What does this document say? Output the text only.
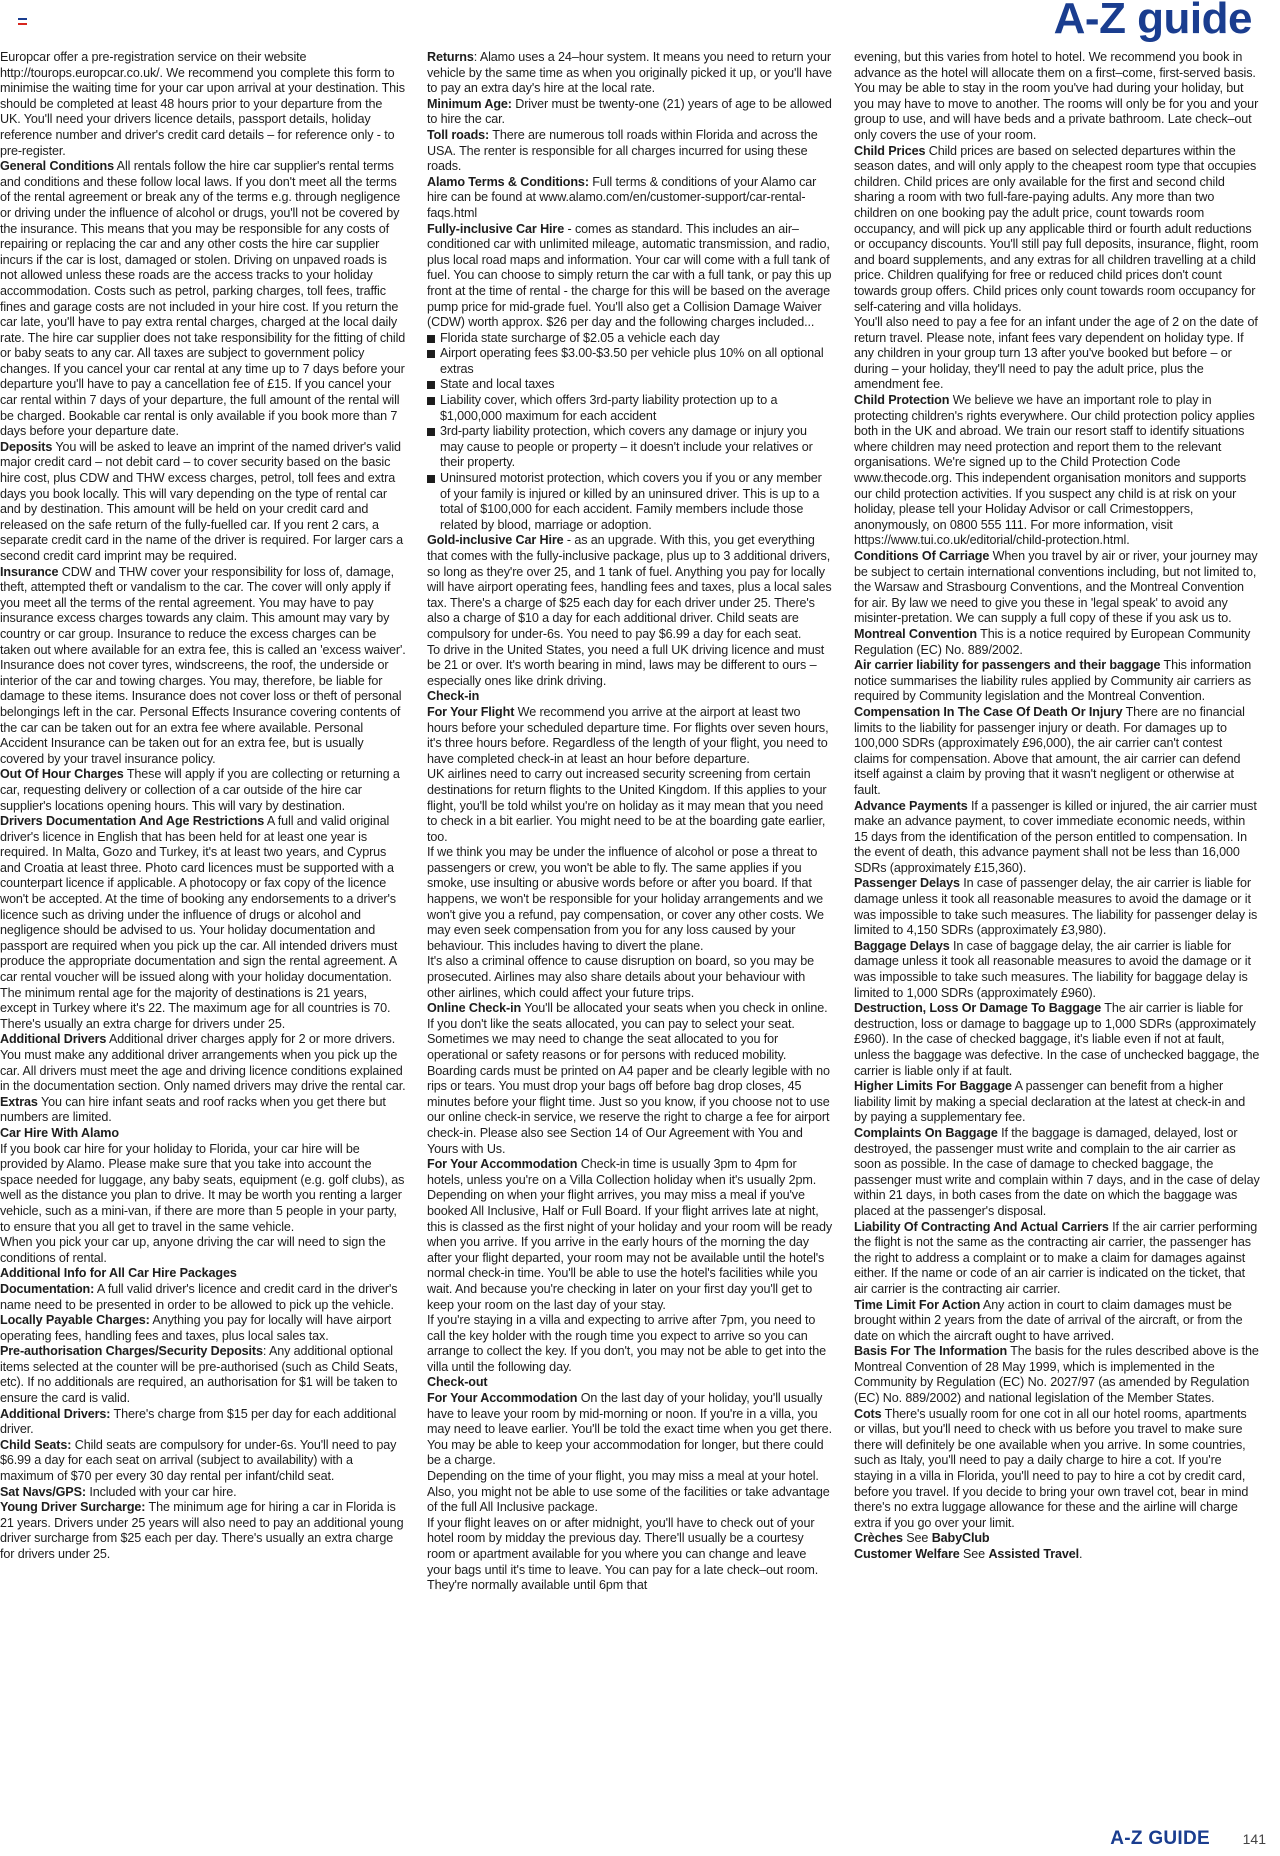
A-Z guide

Europcar offer a pre-registration service on their website http://tourops.europcar.co.uk/. We recommend you complete this form to minimise the waiting time for your car upon arrival at your destination. This should be completed at least 48 hours prior to your departure from the UK. You'll need your drivers licence details, passport details, holiday reference number and driver's credit card details – for reference only - to pre-register.

General Conditions All rentals follow the hire car supplier's rental terms and conditions and these follow local laws. If you don't meet all the terms of the rental agreement or break any of the terms e.g. through negligence or driving under the influence of alcohol or drugs, you'll not be covered by the insurance. This means that you may be responsible for any costs of repairing or replacing the car and any other costs the hire car supplier incurs if the car is lost, damaged or stolen. Driving on unpaved roads is not allowed unless these roads are the access tracks to your holiday accommodation. Costs such as petrol, parking charges, toll fees, traffic fines and garage costs are not included in your hire cost. If you return the car late, you'll have to pay extra rental charges, charged at the local daily rate. The hire car supplier does not take responsibility for the fitting of child or baby seats to any car. All taxes are subject to government policy changes. If you cancel your car rental at any time up to 7 days before your departure you'll have to pay a cancellation fee of £15. If you cancel your car rental within 7 days of your departure, the full amount of the rental will be charged. Bookable car rental is only available if you book more than 7 days before your departure date.

Deposits You will be asked to leave an imprint of the named driver's valid major credit card – not debit card – to cover security based on the basic hire cost, plus CDW and THW excess charges, petrol, toll fees and extra days you book locally. This will vary depending on the type of rental car and by destination. This amount will be held on your credit card and released on the safe return of the fully-fuelled car. If you rent 2 cars, a separate credit card in the name of the driver is required. For larger cars a second credit card imprint may be required.

Insurance CDW and THW cover your responsibility for loss of, damage, theft, attempted theft or vandalism to the car. The cover will only apply if you meet all the terms of the rental agreement. You may have to pay insurance excess charges towards any claim. This amount may vary by country or car group. Insurance to reduce the excess charges can be taken out where available for an extra fee, this is called an 'excess waiver'. Insurance does not cover tyres, windscreens, the roof, the underside or interior of the car and towing charges. You may, therefore, be liable for damage to these items. Insurance does not cover loss or theft of personal belongings left in the car. Personal Effects Insurance covering contents of the car can be taken out for an extra fee where available. Personal Accident Insurance can be taken out for an extra fee, but is usually covered by your travel insurance policy.

Out Of Hour Charges These will apply if you are collecting or returning a car, requesting delivery or collection of a car outside of the hire car supplier's locations opening hours. This will vary by destination.

Drivers Documentation And Age Restrictions A full and valid original driver's licence in English that has been held for at least one year is required. In Malta, Gozo and Turkey, it's at least two years, and Cyprus and Croatia at least three. Photo card licences must be supported with a counterpart licence if applicable. A photocopy or fax copy of the licence won't be accepted. At the time of booking any endorsements to a driver's licence such as driving under the influence of drugs or alcohol and negligence should be advised to us. Your holiday documentation and passport are required when you pick up the car. All intended drivers must produce the appropriate documentation and sign the rental agreement. A car rental voucher will be issued along with your holiday documentation. The minimum rental age for the majority of destinations is 21 years, except in Turkey where it's 22. The maximum age for all countries is 70. There's usually an extra charge for drivers under 25.

Additional Drivers Additional driver charges apply for 2 or more drivers. You must make any additional driver arrangements when you pick up the car. All drivers must meet the age and driving licence conditions explained in the documentation section. Only named drivers may drive the rental car.

Extras You can hire infant seats and roof racks when you get there but numbers are limited.

Car Hire With Alamo

If you book car hire for your holiday to Florida, your car hire will be provided by Alamo. Please make sure that you take into account the space needed for luggage, any baby seats, equipment (e.g. golf clubs), as well as the distance you plan to drive. It may be worth you renting a larger vehicle, such as a mini-van, if there are more than 5 people in your party, to ensure that you all get to travel in the same vehicle.

When you pick your car up, anyone driving the car will need to sign the conditions of rental.

Additional Info for All Car Hire Packages

Documentation: A full valid driver's licence and credit card in the driver's name need to be presented in order to be allowed to pick up the vehicle.

Locally Payable Charges: Anything you pay for locally will have airport operating fees, handling fees and taxes, plus local sales tax.

Pre-authorisation Charges/Security Deposits: Any additional optional items selected at the counter will be pre-authorised (such as Child Seats, etc). If no additionals are required, an authorisation for $1 will be taken to ensure the card is valid.

Additional Drivers: There's charge from $15 per day for each additional driver.

Child Seats: Child seats are compulsory for under-6s. You'll need to pay $6.99 a day for each seat on arrival (subject to availability) with a maximum of $70 per every 30 day rental per infant/child seat.

Sat Navs/GPS: Included with your car hire.

Young Driver Surcharge: The minimum age for hiring a car in Florida is 21 years. Drivers under 25 years will also need to pay an additional young driver surcharge from $25 each per day. There's usually an extra charge for drivers under 25.

Returns: Alamo uses a 24–hour system. It means you need to return your vehicle by the same time as when you originally picked it up, or you'll have to pay an extra day's hire at the local rate.

Minimum Age: Driver must be twenty-one (21) years of age to be allowed to hire the car.

Toll roads: There are numerous toll roads within Florida and across the USA. The renter is responsible for all charges incurred for using these roads.

Alamo Terms & Conditions: Full terms & conditions of your Alamo car hire can be found at www.alamo.com/en/customer-support/car-rental-faqs.html

Fully-inclusive Car Hire - comes as standard. This includes an air–conditioned car with unlimited mileage, automatic transmission, and radio, plus local road maps and information. Your car will come with a full tank of fuel. You can choose to simply return the car with a full tank, or pay this up front at the time of rental - the charge for this will be based on the average pump price for mid-grade fuel. You'll also get a Collision Damage Waiver (CDW) worth approx. $26 per day and the following charges included...

Florida state surcharge of $2.05 a vehicle each day
Airport operating fees $3.00-$3.50 per vehicle plus 10% on all optional extras
State and local taxes
Liability cover, which offers 3rd-party liability protection up to a $1,000,000 maximum for each accident
3rd-party liability protection, which covers any damage or injury you may cause to people or property – it doesn't include your relatives or their property.
Uninsured motorist protection, which covers you if you or any member of your family is injured or killed by an uninsured driver. This is up to a total of $100,000 for each accident. Family members include those related by blood, marriage or adoption.

Gold-inclusive Car Hire - as an upgrade. With this, you get everything that comes with the fully-inclusive package, plus up to 3 additional drivers, so long as they're over 25, and 1 tank of fuel. Anything you pay for locally will have airport operating fees, handling fees and taxes, plus a local sales tax. There's a charge of $25 each day for each driver under 25. There's also a charge of $10 a day for each additional driver. Child seats are compulsory for under-6s. You need to pay $6.99 a day for each seat.

To drive in the United States, you need a full UK driving licence and must be 21 or over. It's worth bearing in mind, laws may be different to ours – especially ones like drink driving.

Check-in

For Your Flight We recommend you arrive at the airport at least two hours before your scheduled departure time. For flights over seven hours, it's three hours before. Regardless of the length of your flight, you need to have completed check-in at least an hour before departure.

UK airlines need to carry out increased security screening from certain destinations for return flights to the United Kingdom. If this applies to your flight, you'll be told whilst you're on holiday as it may mean that you need to check in a bit earlier. You might need to be at the boarding gate earlier, too.

If we think you may be under the influence of alcohol or pose a threat to passengers or crew, you won't be able to fly. The same applies if you smoke, use insulting or abusive words before or after you board. If that happens, we won't be responsible for your holiday arrangements and we won't give you a refund, pay compensation, or cover any other costs. We may even seek compensation from you for any loss caused by your behaviour. This includes having to divert the plane.

It's also a criminal offence to cause disruption on board, so you may be prosecuted. Airlines may also share details about your behaviour with other airlines, which could affect your future trips.

Online Check-in You'll be allocated your seats when you check in online. If you don't like the seats allocated, you can pay to select your seat. Sometimes we may need to change the seat allocated to you for operational or safety reasons or for persons with reduced mobility. Boarding cards must be printed on A4 paper and be clearly legible with no rips or tears. You must drop your bags off before bag drop closes, 45 minutes before your flight time. Just so you know, if you choose not to use our online check-in service, we reserve the right to charge a fee for airport check-in. Please also see Section 14 of Our Agreement with You and Yours with Us.

For Your Accommodation Check-in time is usually 3pm to 4pm for hotels, unless you're on a Villa Collection holiday when it's usually 2pm. Depending on when your flight arrives, you may miss a meal if you've booked All Inclusive, Half or Full Board. If your flight arrives late at night, this is classed as the first night of your holiday and your room will be ready when you arrive. If you arrive in the early hours of the morning the day after your flight departed, your room may not be available until the hotel's normal check-in time. You'll be able to use the hotel's facilities while you wait. And because you're checking in later on your first day you'll get to keep your room on the last day of your stay.

If you're staying in a villa and expecting to arrive after 7pm, you need to call the key holder with the rough time you expect to arrive so you can arrange to collect the key. If you don't, you may not be able to get into the villa until the following day.

Check-out

For Your Accommodation On the last day of your holiday, you'll usually have to leave your room by mid-morning or noon. If you're in a villa, you may need to leave earlier. You'll be told the exact time when you get there. You may be able to keep your accommodation for longer, but there could be a charge.

Depending on the time of your flight, you may miss a meal at your hotel. Also, you might not be able to use some of the facilities or take advantage of the full All Inclusive package.

If your flight leaves on or after midnight, you'll have to check out of your hotel room by midday the previous day. There'll usually be a courtesy room or apartment available for you where you can change and leave your bags until it's time to leave. You can pay for a late check–out room. They're normally available until 6pm that

evening, but this varies from hotel to hotel. We recommend you book in advance as the hotel will allocate them on a first–come, first-served basis. You may be able to stay in the room you've had during your holiday, but you may have to move to another. The rooms will only be for you and your group to use, and will have beds and a private bathroom. Late check–out only covers the use of your room.

Child Prices Child prices are based on selected departures within the season dates, and will only apply to the cheapest room type that occupies children. Child prices are only available for the first and second child sharing a room with two full-fare-paying adults. Any more than two children on one booking pay the adult price, count towards room occupancy, and will pick up any applicable third or fourth adult reductions or occupancy discounts. You'll still pay full deposits, insurance, flight, room and board supplements, and any extras for all children travelling at a child price. Children qualifying for free or reduced child prices don't count towards group offers. Child prices only count towards room occupancy for self-catering and villa holidays.

You'll also need to pay a fee for an infant under the age of 2 on the date of return travel. Please note, infant fees vary dependent on holiday type. If any children in your group turn 13 after you've booked but before – or during – your holiday, they'll need to pay the adult price, plus the amendment fee.

Child Protection We believe we have an important role to play in protecting children's rights everywhere. Our child protection policy applies both in the UK and abroad. We train our resort staff to identify situations where children may need protection and report them to the relevant organisations. We're signed up to the Child Protection Code www.thecode.org. This independent organisation monitors and supports our child protection activities. If you suspect any child is at risk on your holiday, please tell your Holiday Advisor or call Crimestoppers, anonymously, on 0800 555 111. For more information, visit https://www.tui.co.uk/editorial/child-protection.html.

Conditions Of Carriage When you travel by air or river, your journey may be subject to certain international conventions including, but not limited to, the Warsaw and Strasbourg Conventions, and the Montreal Convention for air. By law we need to give you these in 'legal speak' to avoid any misinter-pretation. We can supply a full copy of these if you ask us to.

Montreal Convention This is a notice required by European Community Regulation (EC) No. 889/2002.

Air carrier liability for passengers and their baggage This information notice summarises the liability rules applied by Community air carriers as required by Community legislation and the Montreal Convention.

Compensation In The Case Of Death Or Injury There are no financial limits to the liability for passenger injury or death. For damages up to 100,000 SDRs (approximately £96,000), the air carrier can't contest claims for compensation. Above that amount, the air carrier can defend itself against a claim by proving that it wasn't negligent or otherwise at fault.

Advance Payments If a passenger is killed or injured, the air carrier must make an advance payment, to cover immediate economic needs, within 15 days from the identification of the person entitled to compensation. In the event of death, this advance payment shall not be less than 16,000 SDRs (approximately £15,360).

Passenger Delays In case of passenger delay, the air carrier is liable for damage unless it took all reasonable measures to avoid the damage or it was impossible to take such measures. The liability for passenger delay is limited to 4,150 SDRs (approximately £3,980).

Baggage Delays In case of baggage delay, the air carrier is liable for damage unless it took all reasonable measures to avoid the damage or it was impossible to take such measures. The liability for baggage delay is limited to 1,000 SDRs (approximately £960).

Destruction, Loss Or Damage To Baggage The air carrier is liable for destruction, loss or damage to baggage up to 1,000 SDRs (approximately £960). In the case of checked baggage, it's liable even if not at fault, unless the baggage was defective. In the case of unchecked baggage, the carrier is liable only if at fault.

Higher Limits For Baggage A passenger can benefit from a higher liability limit by making a special declaration at the latest at check-in and by paying a supplementary fee.

Complaints On Baggage If the baggage is damaged, delayed, lost or destroyed, the passenger must write and complain to the air carrier as soon as possible. In the case of damage to checked baggage, the passenger must write and complain within 7 days, and in the case of delay within 21 days, in both cases from the date on which the baggage was placed at the passenger's disposal.

Liability Of Contracting And Actual Carriers If the air carrier performing the flight is not the same as the contracting air carrier, the passenger has the right to address a complaint or to make a claim for damages against either. If the name or code of an air carrier is indicated on the ticket, that air carrier is the contracting air carrier.

Time Limit For Action Any action in court to claim damages must be brought within 2 years from the date of arrival of the aircraft, or from the date on which the aircraft ought to have arrived.

Basis For The Information The basis for the rules described above is the Montreal Convention of 28 May 1999, which is implemented in the Community by Regulation (EC) No. 2027/97 (as amended by Regulation (EC) No. 889/2002) and national legislation of the Member States.

Cots There's usually room for one cot in all our hotel rooms, apartments or villas, but you'll need to check with us before you travel to make sure there will definitely be one available when you arrive. In some countries, such as Italy, you'll need to pay a daily charge to hire a cot. If you're staying in a villa in Florida, you'll need to pay to hire a cot by credit card, before you travel. If you decide to bring your own travel cot, bear in mind there's no extra luggage allowance for these and the airline will charge extra if you go over your limit.

Crèches See BabyClub

Customer Welfare See Assisted Travel.

A-Z GUIDE 141
